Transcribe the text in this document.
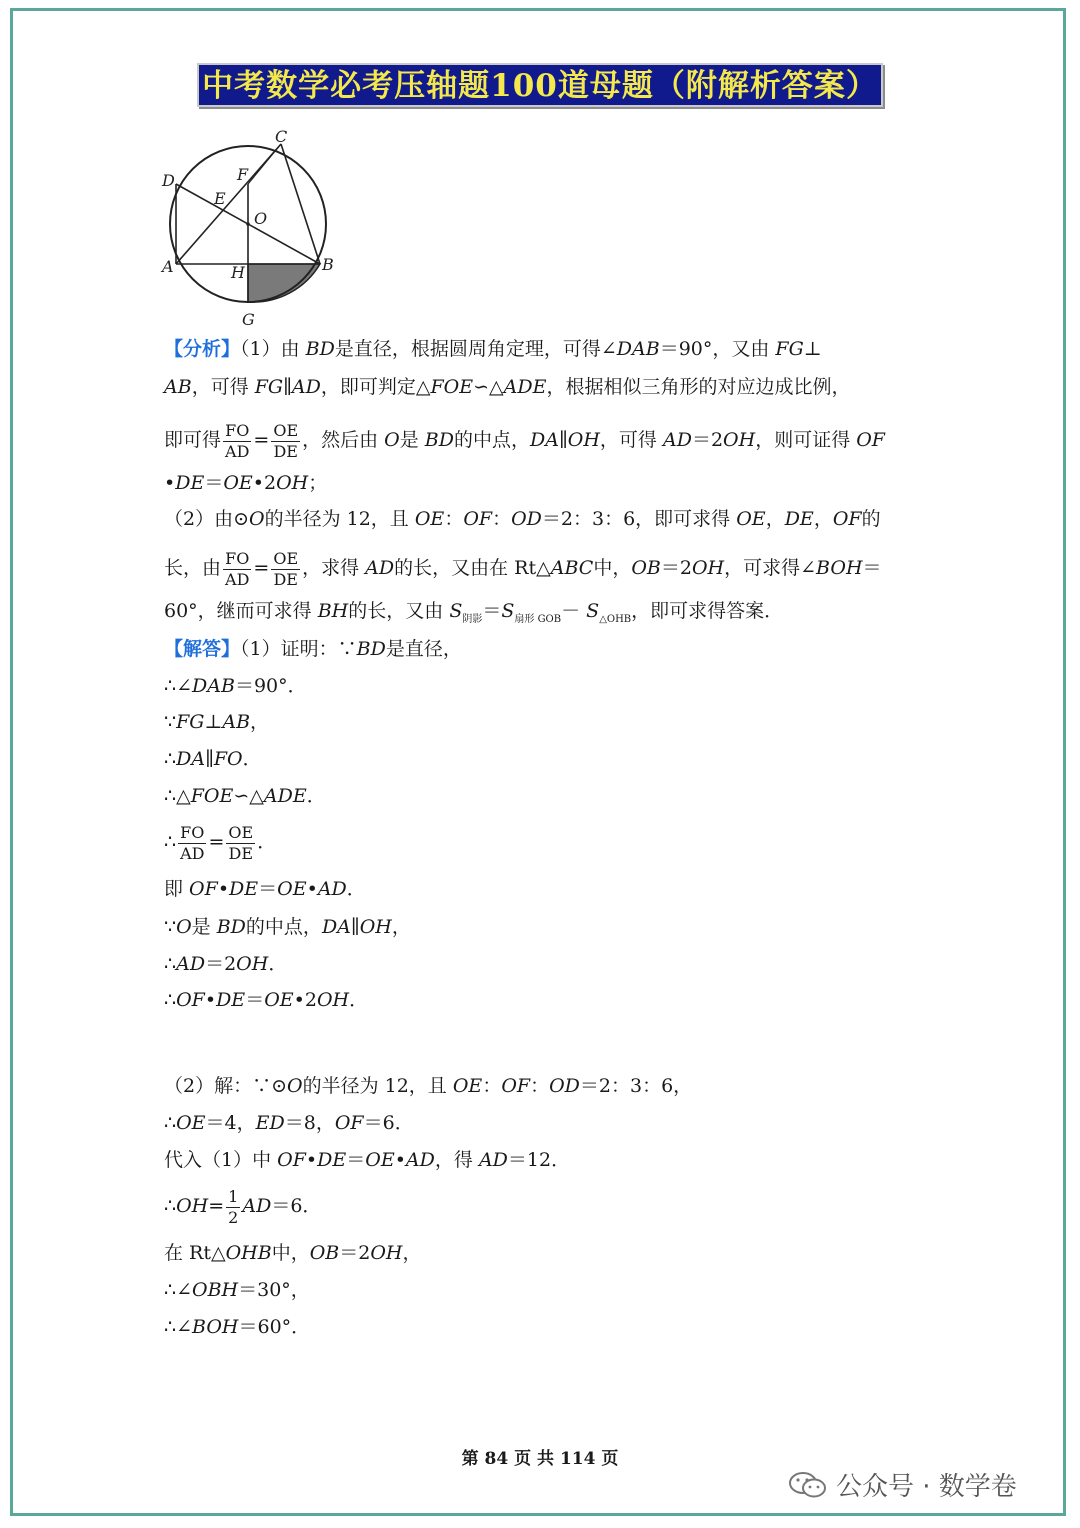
中考数学必考压轴题100道母题（附解析答案）
C
D	F
E
O
A	H	B
G
【分析】（1）由 BD是直径，根据圆周角定理，可得∠DAB＝90°，又由 FG⊥
AB，可得 FG∥AD，即可判定△FOE∽△ADE，根据相似三角形的对应边成比例，
即可得 $\frac{FO}{AD} = \frac{OE}{DE}$ ，然后由 O是 BD的中点，DA∥OH，可得 AD＝2OH，则可证得 OF
•DE＝OE•2OH；
（2）由⊙O的半径为 12，且 OE：OF：OD＝2：3：6，即可求得 OE，DE，OF的
长，由 $\frac{FO}{AD} = \frac{OE}{DE}$ ，求得 AD的长，又由在 Rt△ABC中，OB＝2OH，可求得∠BOH＝
60°，继而可求得 BH的长，又由 $S_{阴影}=S_{扇形 GOB}- S_{\triangle OHB}$，即可求得答案．
【解答】（1）证明：∵BD是直径，
∴∠DAB＝90°．
∵FG⊥AB，
∴DA∥FO．
∴△FOE∽△ADE．
∴ $\frac{FO}{AD} = \frac{OE}{DE}$ ．
即 OF•DE＝OE•AD．
∵O是 BD的中点，DA∥OH，
∴AD＝2OH．
∴OF•DE＝OE•2OH．
（2）解：∵⊙O的半径为 12，且 OE：OF：OD＝2：3：6，
∴OE＝4，ED＝8，OF＝6．
代入（1）中 OF•DE＝OE•AD，得 AD＝12．
∴OH= $\frac{1}{2} AD=6$．
在 Rt△OHB中，OB＝2OH，
∴∠OBH＝30°，
∴∠BOH＝60°．
第 84 页 共 114 页
公众号 · 数学卷
